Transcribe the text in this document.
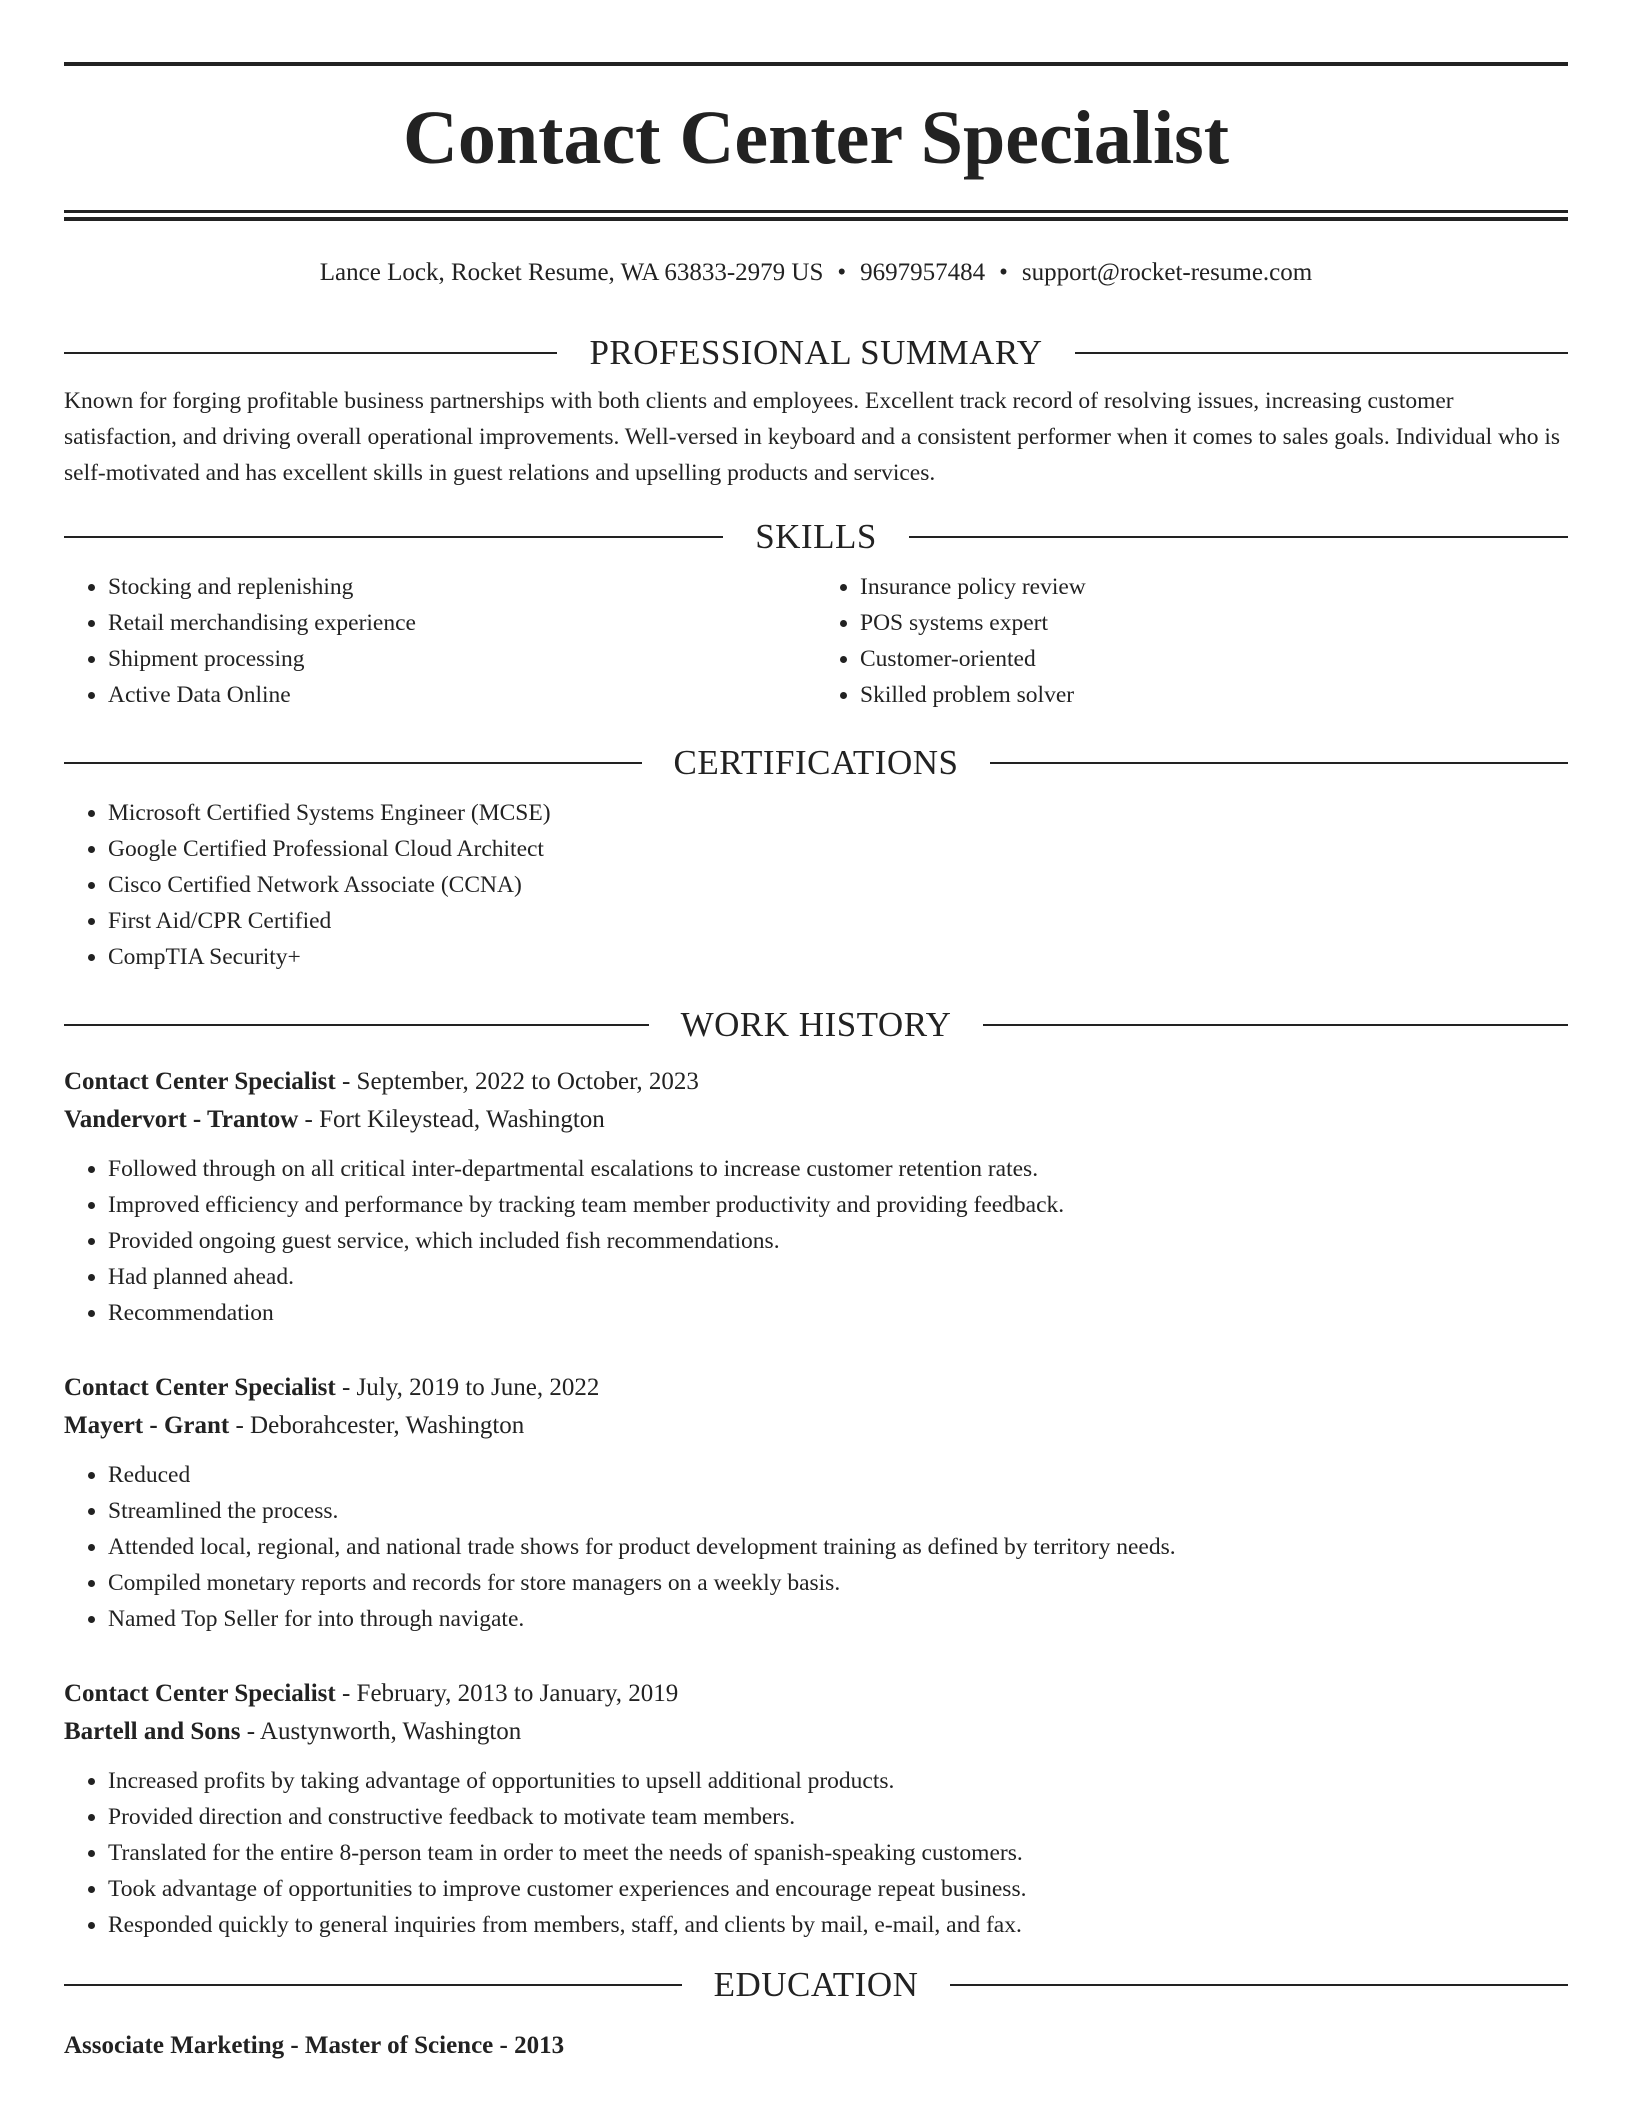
Contact Center Specialist
Lance Lock, Rocket Resume, WA 63833-2979 US • 9697957484 • support@rocket-resume.com
PROFESSIONAL SUMMARY

Known for forging profitable business partnerships with both clients and employees. Excellent track record of resolving issues, increasing customer satisfaction, and driving overall operational improvements. Well-versed in keyboard and a consistent performer when it comes to sales goals. Individual who is self-motivated and has excellent skills in guest relations and upselling products and services.

SKILLS
• Stocking and replenishing
• Retail merchandising experience
• Shipment processing
• Active Data Online
• Insurance policy review
• POS systems expert
• Customer-oriented
• Skilled problem solver
CERTIFICATIONS
• Microsoft Certified Systems Engineer (MCSE)
• Google Certified Professional Cloud Architect
• Cisco Certified Network Associate (CCNA)
• First Aid/CPR Certified
• CompTIA Security+
WORK HISTORY
Contact Center Specialist - September, 2022 to October, 2023
Vandervort - Trantow - Fort Kileystead, Washington
• Followed through on all critical inter-departmental escalations to increase customer retention rates.
• Improved efficiency and performance by tracking team member productivity and providing feedback.
• Provided ongoing guest service, which included fish recommendations.
• Had planned ahead.
• Recommendation
Contact Center Specialist - July, 2019 to June, 2022
Mayert - Grant - Deborahcester, Washington
• Reduced
• Streamlined the process.
• Attended local, regional, and national trade shows for product development training as defined by territory needs.
• Compiled monetary reports and records for store managers on a weekly basis.
• Named Top Seller for into through navigate.
Contact Center Specialist - February, 2013 to January, 2019
Bartell and Sons - Austynworth, Washington
• Increased profits by taking advantage of opportunities to upsell additional products.
• Provided direction and constructive feedback to motivate team members.
• Translated for the entire 8-person team in order to meet the needs of spanish-speaking customers.
• Took advantage of opportunities to improve customer experiences and encourage repeat business.
• Responded quickly to general inquiries from members, staff, and clients by mail, e-mail, and fax.
EDUCATION
Associate Marketing - Master of Science - 2013
